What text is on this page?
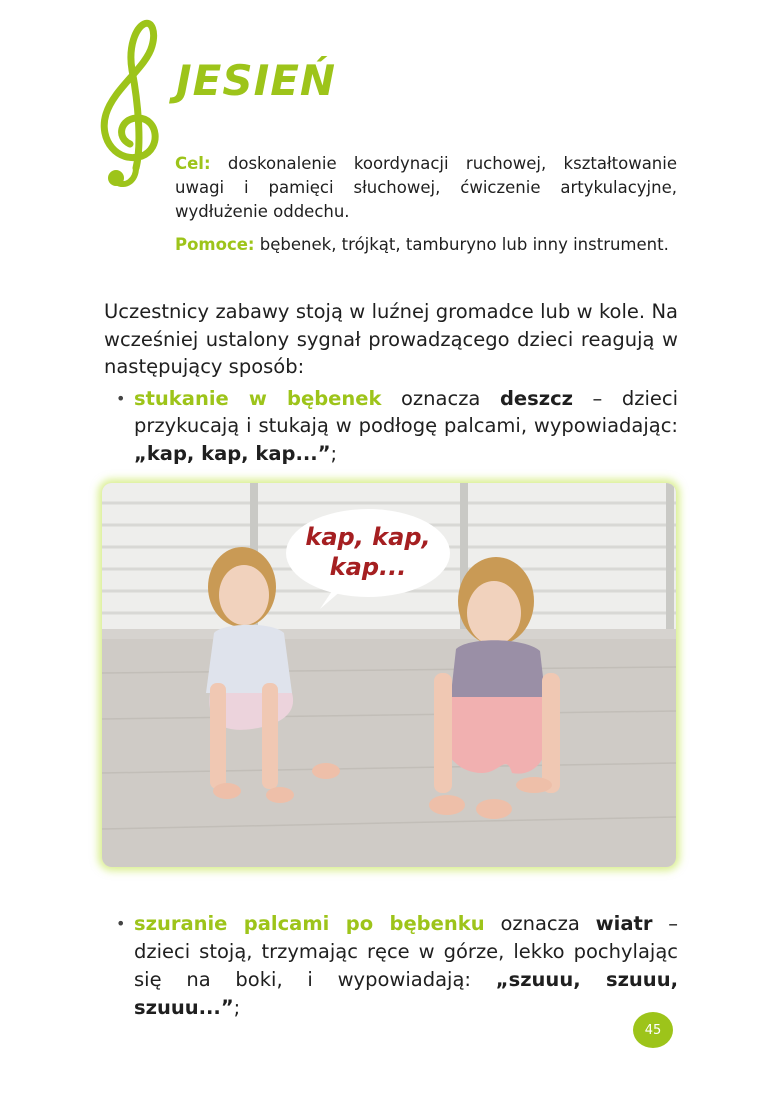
JESIEŃ

Cel: doskonalenie koordynacji ruchowej, kształtowanie uwagi i pamięci słuchowej, ćwiczenie artykulacyjne, wydłużenie oddechu.

Pomoce: bębenek, trójkąt, tamburyno lub inny instrument.

Uczestnicy zabawy stoją w luźnej gromadce lub w kole. Na wcześniej ustalony sygnał prowadzącego dzieci reagują w następujący sposób:

• stukanie w bębenek oznacza deszcz – dzieci przykucają i stukają w podłogę palcami, wypowiadając: „kap, kap, kap...”;
kap, kap,
kap...
• szuranie palcami po bębenku oznacza wiatr – dzieci stoją, trzymając ręce w górze, lekko pochylając się na boki, i wypowiadają: „szuuu, szuuu, szuuu...”;
45
